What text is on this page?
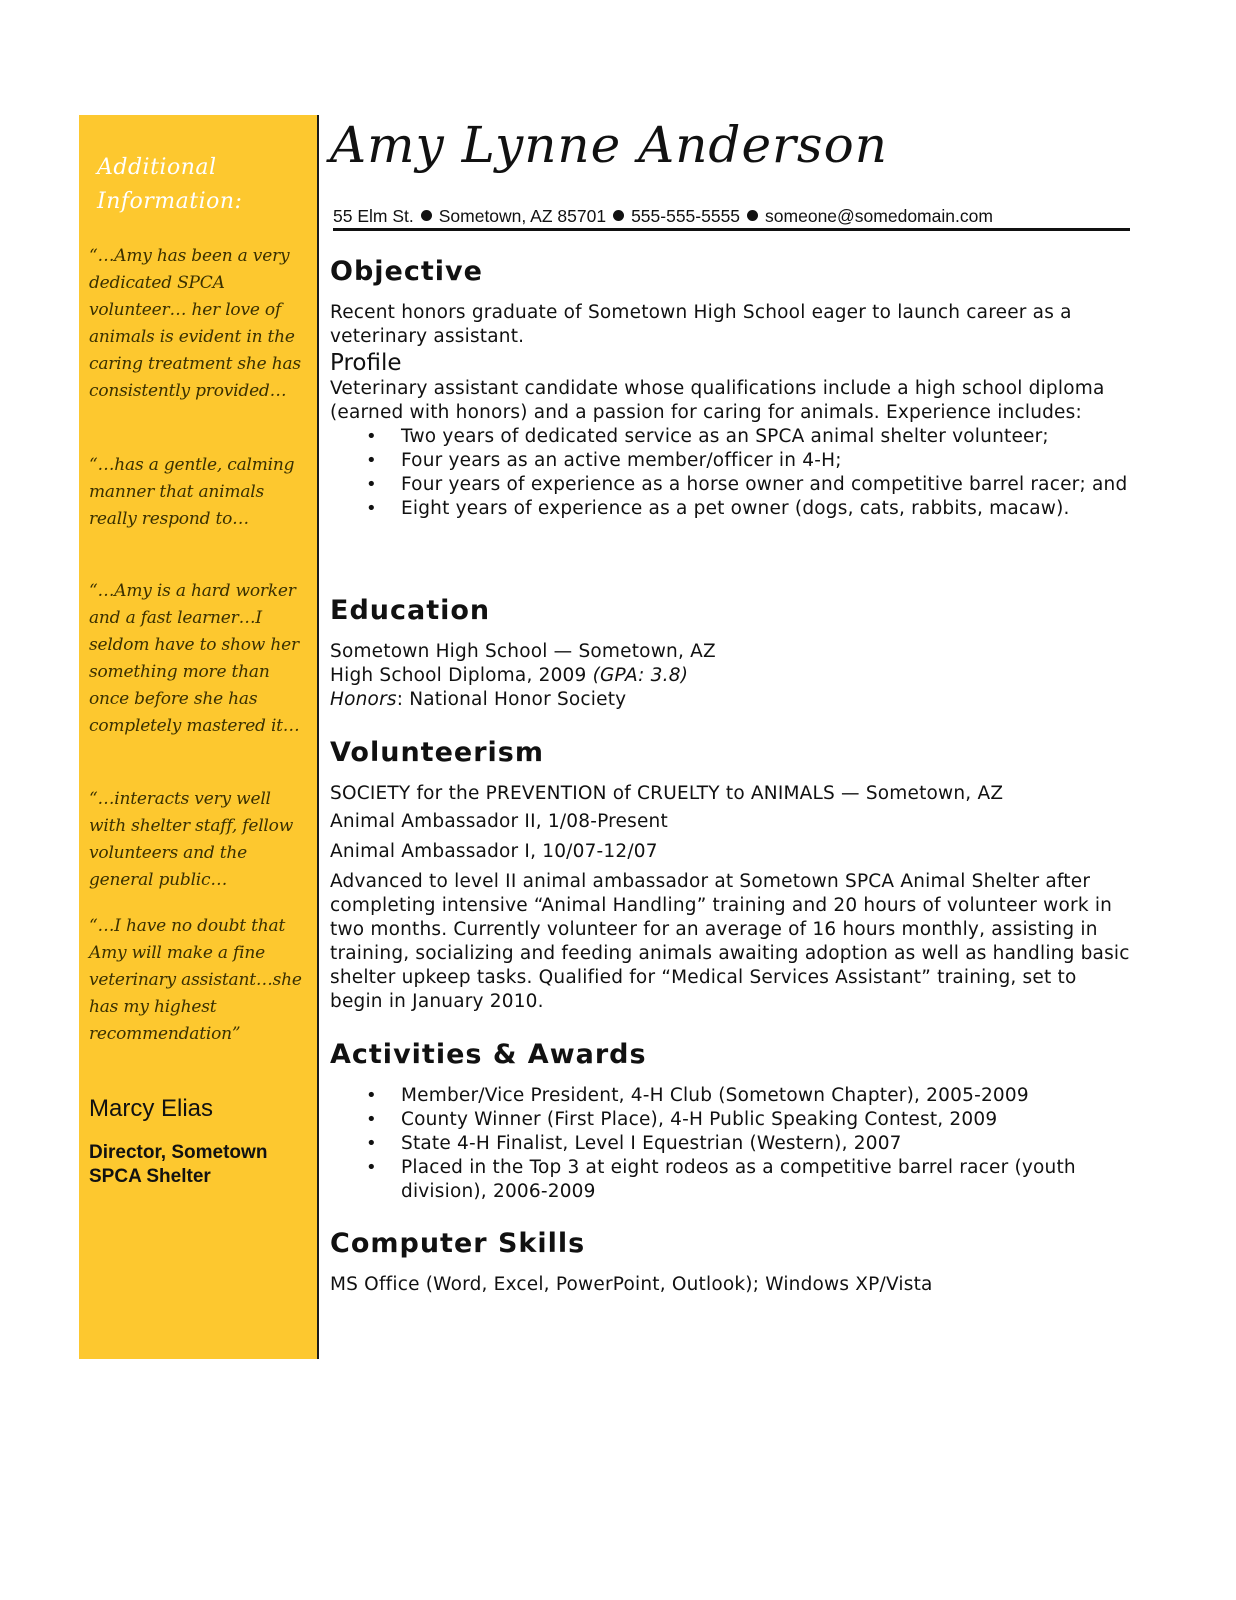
Additional
Information:

“…Amy has been a very dedicated SPCA volunteer… her love of animals is evident in the caring treatment she has consistently provided…

“…has a gentle, calming manner that animals really respond to…

“…Amy is a hard worker and a fast learner…I seldom have to show her something more than once before she has completely mastered it…

“…interacts very well with shelter staff, fellow volunteers and the general public…

“…I have no doubt that Amy will make a fine veterinary assistant…she has my highest recommendation”

Marcy Elias

Director, Sometown SPCA Shelter

Amy Lynne Anderson
55 Elm St. Sometown, AZ 85701 555-555-5555 someone@somedomain.com
Objective

Recent honors graduate of Sometown High School eager to launch career as a veterinary assistant.

Profile

Veterinary assistant candidate whose qualifications include a high school diploma (earned with honors) and a passion for caring for animals. Experience includes:

• Two years of dedicated service as an SPCA animal shelter volunteer;
• Four years as an active member/officer in 4-H;
• Four years of experience as a horse owner and competitive barrel racer; and
• Eight years of experience as a pet owner (dogs, cats, rabbits, macaw).
Education

Sometown High School — Sometown, AZ

High School Diploma, 2009 (GPA: 3.8)

Honors: National Honor Society

Volunteerism

SOCIETY for the PREVENTION of CRUELTY to ANIMALS — Sometown, AZ

Animal Ambassador II, 1/08-Present

Animal Ambassador I, 10/07-12/07

Advanced to level II animal ambassador at Sometown SPCA Animal Shelter after completing intensive “Animal Handling” training and 20 hours of volunteer work in two months. Currently volunteer for an average of 16 hours monthly, assisting in training, socializing and feeding animals awaiting adoption as well as handling basic shelter upkeep tasks. Qualified for “Medical Services Assistant” training, set to begin in January 2010.

Activities & Awards
• Member/Vice President, 4-H Club (Sometown Chapter), 2005-2009
• County Winner (First Place), 4-H Public Speaking Contest, 2009
• State 4-H Finalist, Level I Equestrian (Western), 2007
• Placed in the Top 3 at eight rodeos as a competitive barrel racer (youth division), 2006-2009
Computer Skills

MS Office (Word, Excel, PowerPoint, Outlook); Windows XP/Vista
